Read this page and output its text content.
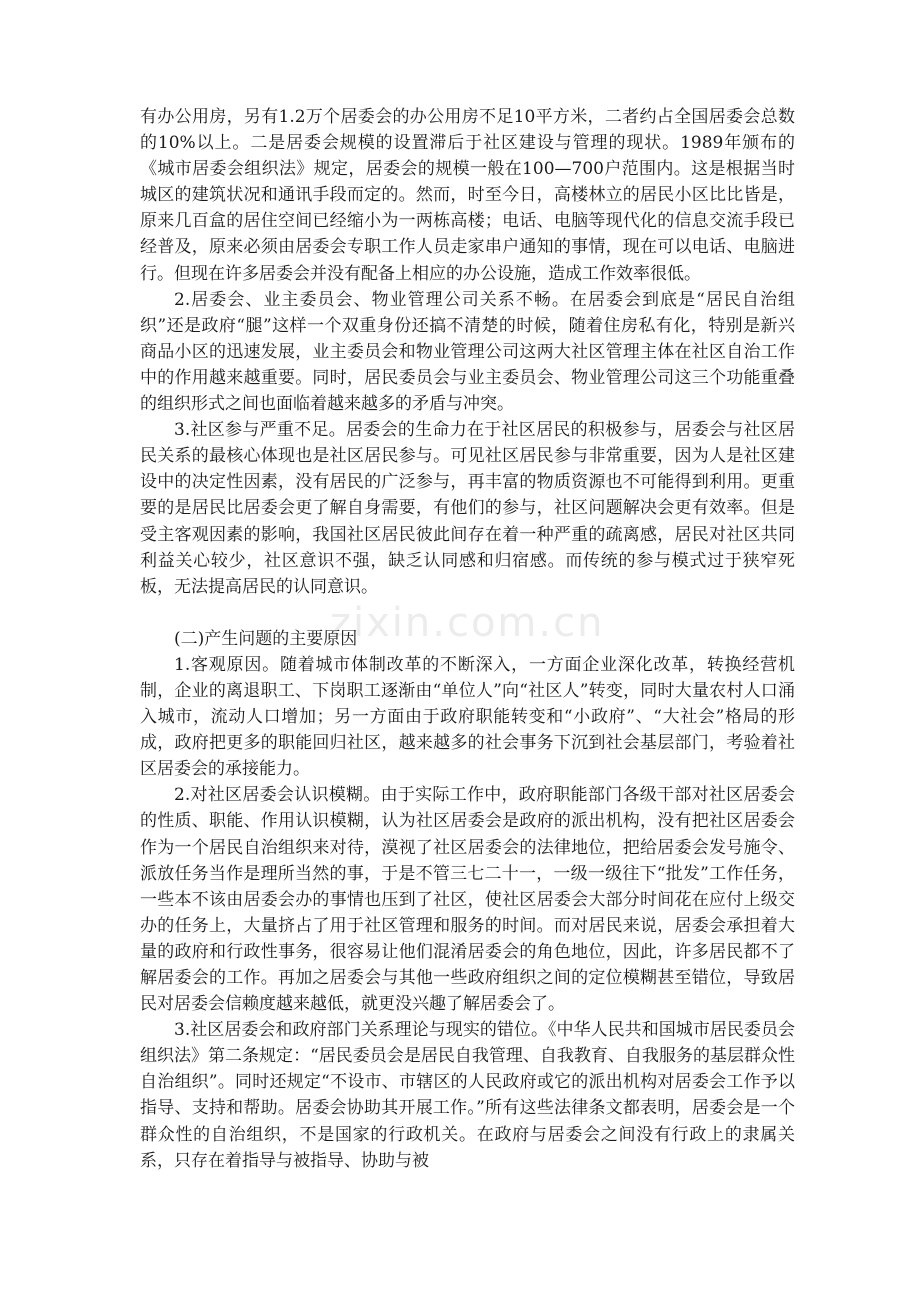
zixin.com.cn

有办公用房，另有1.2万个居委会的办公用房不足10平方米，二者约占全国居委会总数的10%以上。二是居委会规模的设置滞后于社区建设与管理的现状。1989年颁布的《城市居委会组织法》规定，居委会的规模一般在100—700户范围内。这是根据当时城区的建筑状况和通讯手段而定的。然而，时至今日，高楼林立的居民小区比比皆是，原来几百盒的居住空间已经缩小为一两栋高楼；电话、电脑等现代化的信息交流手段已经普及，原来必须由居委会专职工作人员走家串户通知的事情，现在可以电话、电脑进行。但现在许多居委会并没有配备上相应的办公设施，造成工作效率很低。

2.居委会、业主委员会、物业管理公司关系不畅。在居委会到底是“居民自治组织”还是政府“腿”这样一个双重身份还搞不清楚的时候，随着住房私有化，特别是新兴商品小区的迅速发展，业主委员会和物业管理公司这两大社区管理主体在社区自治工作中的作用越来越重要。同时，居民委员会与业主委员会、物业管理公司这三个功能重叠的组织形式之间也面临着越来越多的矛盾与冲突。

3.社区参与严重不足。居委会的生命力在于社区居民的积极参与，居委会与社区居民关系的最核心体现也是社区居民参与。可见社区居民参与非常重要，因为人是社区建设中的决定性因素，没有居民的广泛参与，再丰富的物质资源也不可能得到利用。更重要的是居民比居委会更了解自身需要，有他们的参与，社区问题解决会更有效率。但是受主客观因素的影响，我国社区居民彼此间存在着一种严重的疏离感，居民对社区共同利益关心较少，社区意识不强，缺乏认同感和归宿感。而传统的参与模式过于狭窄死板，无法提高居民的认同意识。

(二)产生问题的主要原因

1.客观原因。随着城市体制改革的不断深入，一方面企业深化改革，转换经营机制，企业的离退职工、下岗职工逐渐由“单位人”向“社区人”转变，同时大量农村人口涌入城市，流动人口增加；另一方面由于政府职能转变和“小政府”、“大社会”格局的形成，政府把更多的职能回归社区，越来越多的社会事务下沉到社会基层部门，考验着社区居委会的承接能力。

2.对社区居委会认识模糊。由于实际工作中，政府职能部门各级干部对社区居委会的性质、职能、作用认识模糊，认为社区居委会是政府的派出机构，没有把社区居委会作为一个居民自治组织来对待，漠视了社区居委会的法律地位，把给居委会发号施令、派放任务当作是理所当然的事，于是不管三七二十一，一级一级往下“批发”工作任务，一些本不该由居委会办的事情也压到了社区，使社区居委会大部分时间花在应付上级交办的任务上，大量挤占了用于社区管理和服务的时间。而对居民来说，居委会承担着大量的政府和行政性事务，很容易让他们混淆居委会的角色地位，因此，许多居民都不了解居委会的工作。再加之居委会与其他一些政府组织之间的定位模糊甚至错位，导致居民对居委会信赖度越来越低，就更没兴趣了解居委会了。

3.社区居委会和政府部门关系理论与现实的错位。《中华人民共和国城市居民委员会组织法》第二条规定：“居民委员会是居民自我管理、自我教育、自我服务的基层群众性自治组织”。同时还规定“不设市、市辖区的人民政府或它的派出机构对居委会工作予以指导、支持和帮助。居委会协助其开展工作。”所有这些法律条文都表明，居委会是一个群众性的自治组织，不是国家的行政机关。在政府与居委会之间没有行政上的隶属关系，只存在着指导与被指导、协助与被
